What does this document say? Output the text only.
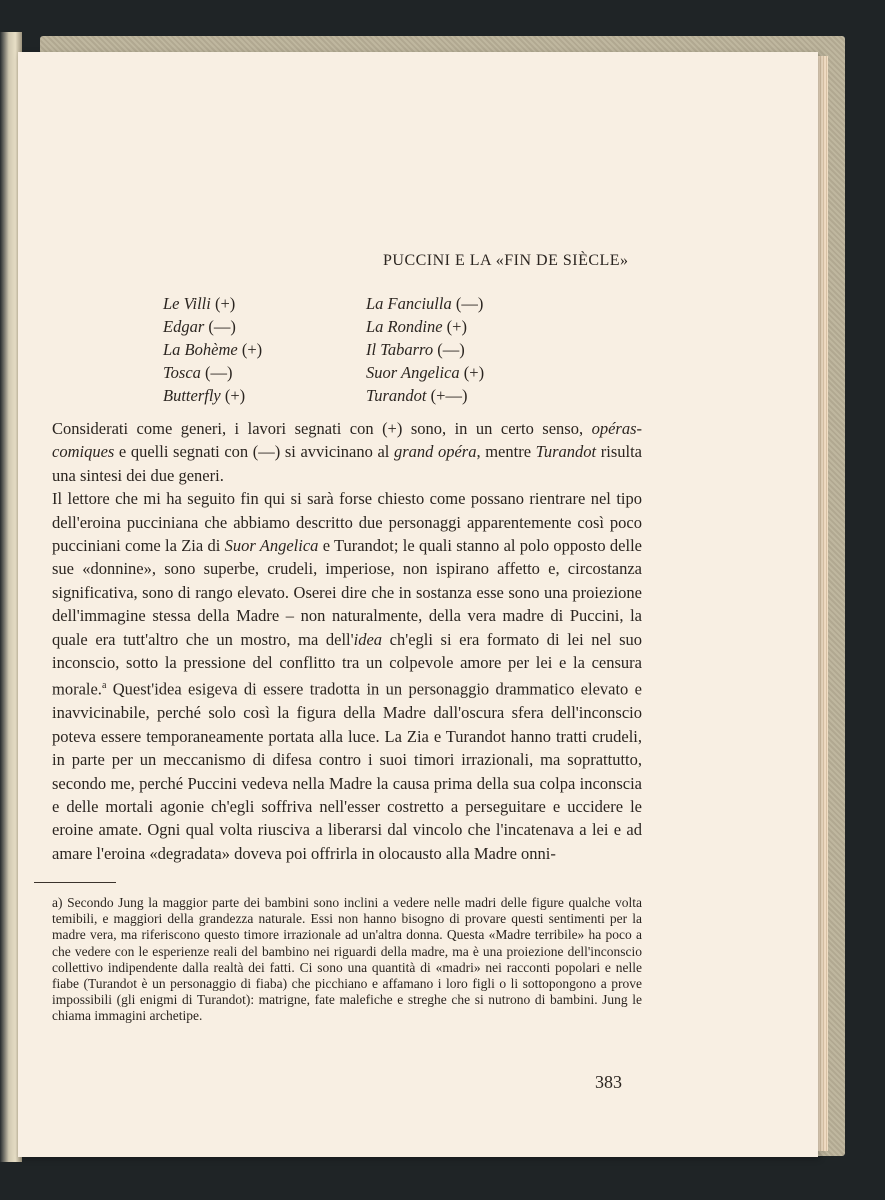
PUCCINI E LA «FIN DE SIÈCLE»
Le Villi (+)
Edgar (—)
La Bohème (+)
Tosca (—)
Butterfly (+)
La Fanciulla (—)
La Rondine (+)
Il Tabarro (—)
Suor Angelica (+)
Turandot (+—)

Considerati come generi, i lavori segnati con (+) sono, in un certo senso, opéras-comiques e quelli segnati con (—) si avvicinano al grand opéra, mentre Turandot risulta una sintesi dei due generi.

Il lettore che mi ha seguito fin qui si sarà forse chiesto come possano rientrare nel tipo dell'eroina pucciniana che abbiamo descritto due personaggi apparentemente così poco pucciniani come la Zia di Suor Angelica e Turandot; le quali stanno al polo opposto delle sue «donnine», sono superbe, crudeli, imperiose, non ispirano affetto e, circostanza significativa, sono di rango elevato. Oserei dire che in sostanza esse sono una proiezione dell'immagine stessa della Madre – non naturalmente, della vera madre di Puccini, la quale era tutt'altro che un mostro, ma dell'idea ch'egli si era formato di lei nel suo inconscio, sotto la pressione del conflitto tra un colpevole amore per lei e la censura morale.$^a$ Quest'idea esigeva di essere tradotta in un personaggio drammatico elevato e inavvicinabile, perché solo così la figura della Madre dall'oscura sfera dell'inconscio poteva essere temporaneamente portata alla luce. La Zia e Turandot hanno tratti crudeli, in parte per un meccanismo di difesa contro i suoi timori irrazionali, ma soprattutto, secondo me, perché Puccini vedeva nella Madre la causa prima della sua colpa inconscia e delle mortali agonie ch'egli soffriva nell'esser costretto a perseguitare e uccidere le eroine amate. Ogni qual volta riusciva a liberarsi dal vincolo che l'incatenava a lei e ad amare l'eroina «degradata» doveva poi offrirla in olocausto alla Madre onni-

a) Secondo Jung la maggior parte dei bambini sono inclini a vedere nelle madri delle figure qualche volta temibili, e maggiori della grandezza naturale. Essi non hanno bisogno di provare questi sentimenti per la madre vera, ma riferiscono questo timore irrazionale ad un'altra donna. Questa «Madre terribile» ha poco a che vedere con le esperienze reali del bambino nei riguardi della madre, ma è una proiezione dell'inconscio collettivo indipendente dalla realtà dei fatti. Ci sono una quantità di «madri» nei racconti popolari e nelle fiabe (Turandot è un personaggio di fiaba) che picchiano e affamano i loro figli o li sottopongono a prove impossibili (gli enigmi di Turandot): matrigne, fate malefiche e streghe che si nutrono di bambini. Jung le chiama immagini archetipe.
383
